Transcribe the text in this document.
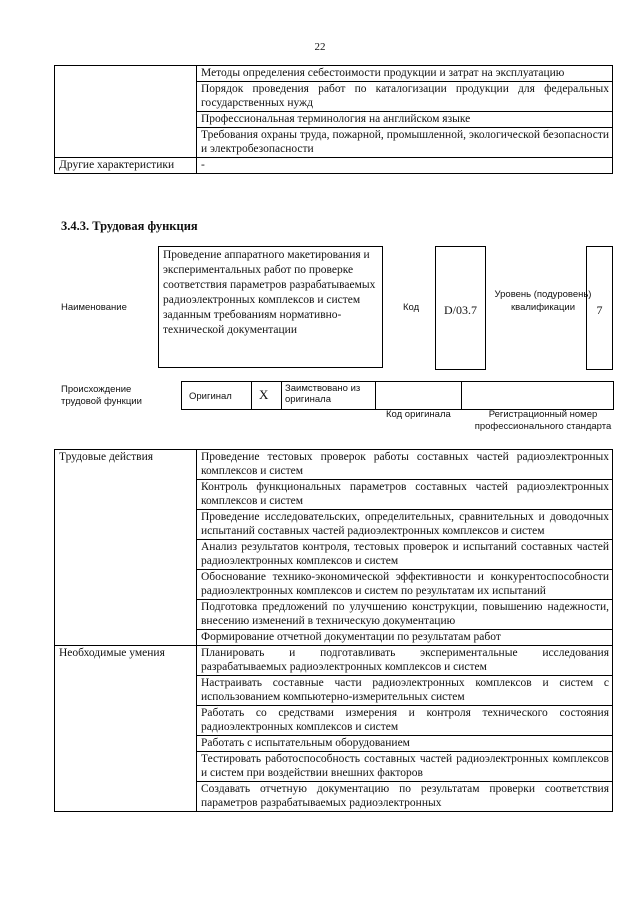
22
	Методы определения себестоимости продукции и затрат на эксплуатацию
	Порядок проведения работ по каталогизации продукции для федеральных государственных нужд
	Профессиональная терминология на английском языке
	Требования охраны труда, пожарной, промышленной, экологической безопасности и электробезопасности
Другие характеристики	-
3.4.3. Трудовая функция
Наименование
Проведение аппаратного макетирования и экспериментальных работ по проверке соответствия параметров разрабатываемых радиоэлектронных комплексов и систем заданным требованиям нормативно-технической документации
Код	D/03.7
Уровень (подуровень) квалификации	7
Происхождение трудовой функции	Оригинал X Заимствовано из оригинала
Код оригинала	Регистрационный номер профессионального стандарта
Трудовые действия	Проведение тестовых проверок работы составных частей радиоэлектронных комплексов и систем
	Контроль функциональных параметров составных частей радиоэлектронных комплексов и систем
	Проведение исследовательских, определительных, сравнительных и доводочных испытаний составных частей радиоэлектронных комплексов и систем
	Анализ результатов контроля, тестовых проверок и испытаний составных частей радиоэлектронных комплексов и систем
	Обоснование технико-экономической эффективности и конкурентоспособности радиоэлектронных комплексов и систем по результатам их испытаний
	Подготовка предложений по улучшению конструкции, повышению надежности, внесению изменений в техническую документацию
	Формирование отчетной документации по результатам работ
Необходимые умения	Планировать и подготавливать экспериментальные исследования разрабатываемых радиоэлектронных комплексов и систем
	Настраивать составные части радиоэлектронных комплексов и систем с использованием компьютерно-измерительных систем
	Работать со средствами измерения и контроля технического состояния радиоэлектронных комплексов и систем
	Работать с испытательным оборудованием
	Тестировать работоспособность составных частей радиоэлектронных комплексов и систем при воздействии внешних факторов
	Создавать отчетную документацию по результатам проверки соответствия параметров разрабатываемых радиоэлектронных
